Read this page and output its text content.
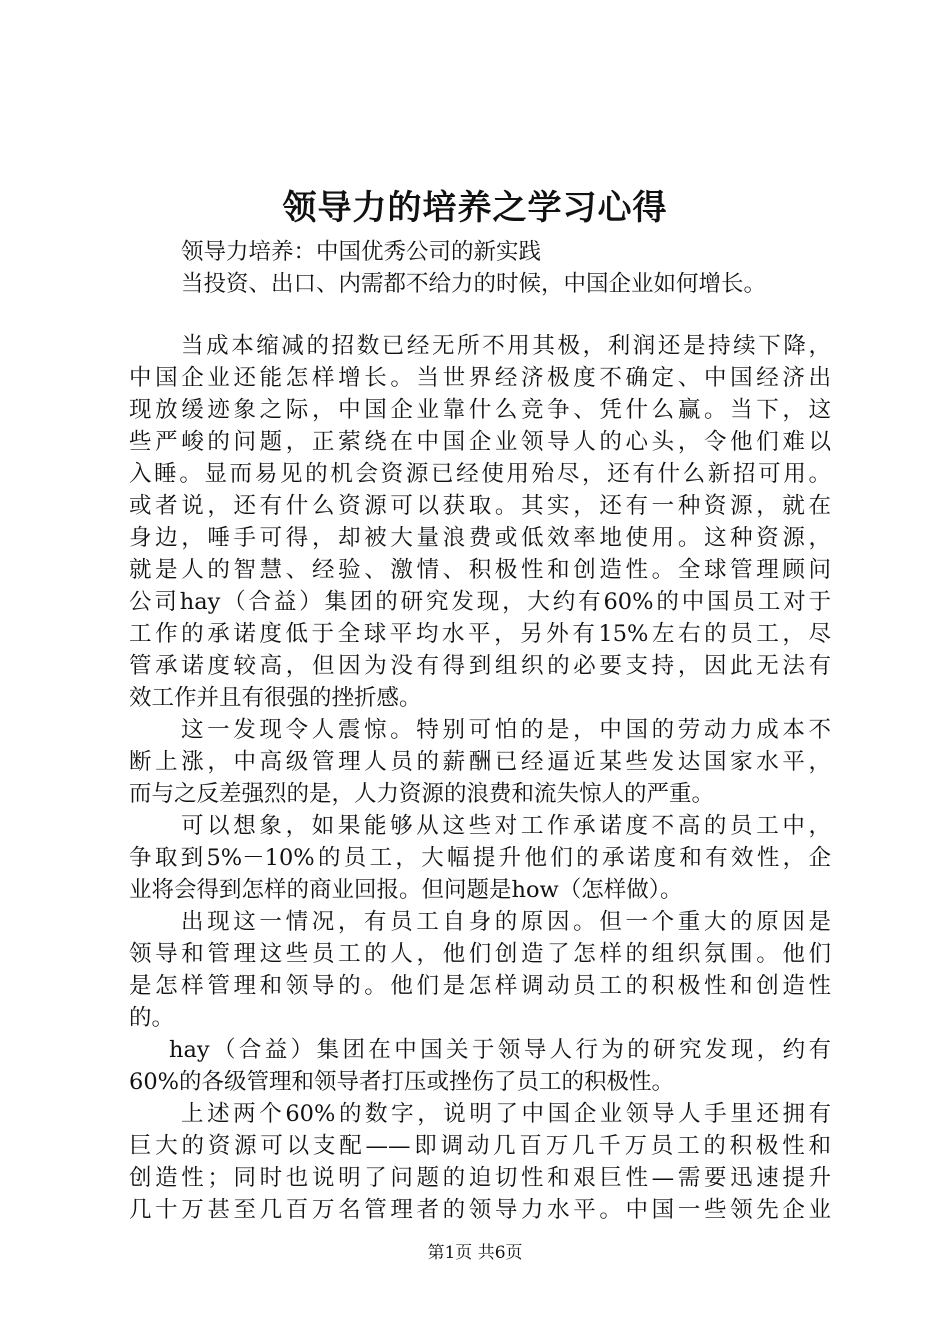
领导力的培养之学习心得
领导力培养：中国优秀公司的新实践
当投资、出口、内需都不给力的时候，中国企业如何增长。
当成本缩减的招数已经无所不用其极，利润还是持续下降，
中国企业还能怎样增长。当世界经济极度不确定、中国经济出
现放缓迹象之际，中国企业靠什么竞争、凭什么赢。当下，这
些严峻的问题，正萦绕在中国企业领导人的心头，令他们难以
入睡。显而易见的机会资源已经使用殆尽，还有什么新招可用。
或者说，还有什么资源可以获取。其实，还有一种资源，就在
身边，唾手可得，却被大量浪费或低效率地使用。这种资源，
就是人的智慧、经验、激情、积极性和创造性。全球管理顾问
公司hay（合益）集团的研究发现，大约有60%的中国员工对于
工作的承诺度低于全球平均水平，另外有15%左右的员工，尽
管承诺度较高，但因为没有得到组织的必要支持，因此无法有
效工作并且有很强的挫折感。
这一发现令人震惊。特别可怕的是，中国的劳动力成本不
断上涨，中高级管理人员的薪酬已经逼近某些发达国家水平，
而与之反差强烈的是，人力资源的浪费和流失惊人的严重。
可以想象，如果能够从这些对工作承诺度不高的员工中，
争取到5%－10%的员工，大幅提升他们的承诺度和有效性，企
业将会得到怎样的商业回报。但问题是how（怎样做）。
出现这一情况，有员工自身的原因。但一个重大的原因是
领导和管理这些员工的人，他们创造了怎样的组织氛围。他们
是怎样管理和领导的。他们是怎样调动员工的积极性和创造性
的。
hay（合益）集团在中国关于领导人行为的研究发现，约有
60%的各级管理和领导者打压或挫伤了员工的积极性。
上述两个60%的数字，说明了中国企业领导人手里还拥有
巨大的资源可以支配——即调动几百万几千万员工的积极性和
创造性；同时也说明了问题的迫切性和艰巨性—需要迅速提升
几十万甚至几百万名管理者的领导力水平。中国一些领先企业
第1页 共6页
